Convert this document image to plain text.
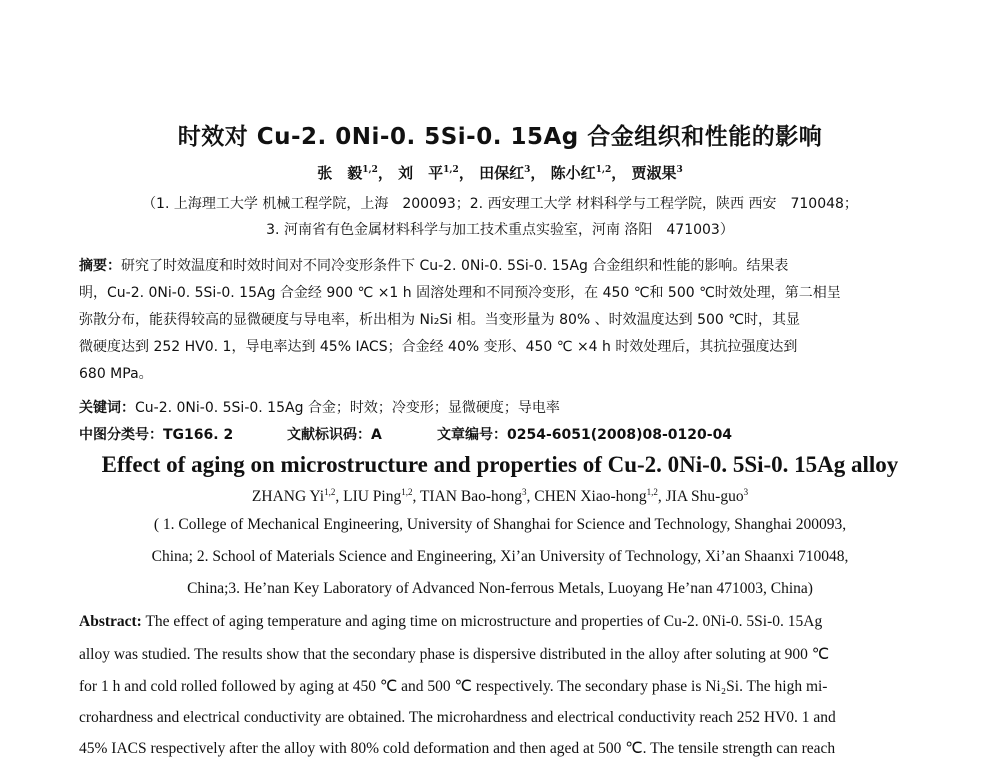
时效对 Cu-2. 0Ni-0. 5Si-0. 15Ag 合金组织和性能的影响
张　毅$^{1,2}$， 刘　平$^{1,2}$， 田保红$^3$， 陈小红$^{1,2}$， 贾淑果$^3$
（1. 上海理工大学 机械工程学院，上海　200093；2. 西安理工大学 材料科学与工程学院，陕西 西安　710048；
3. 河南省有色金属材料科学与加工技术重点实验室，河南 洛阳　471003）
摘要：研究了时效温度和时效时间对不同冷变形条件下 Cu-2. 0Ni-0. 5Si-0. 15Ag 合金组织和性能的影响。结果表
明，Cu-2. 0Ni-0. 5Si-0. 15Ag 合金经 900 ℃ ×1 h 固溶处理和不同预冷变形，在 450 ℃和 500 ℃时效处理，第二相呈
弥散分布，能获得较高的显微硬度与导电率，析出相为 Ni₂Si 相。当变形量为 80% 、时效温度达到 500 ℃时，其显
微硬度达到 252 HV0. 1，导电率达到 45% IACS；合金经 40% 变形、450 ℃ ×4 h 时效处理后，其抗拉强度达到
680 MPa。
关键词：Cu-2. 0Ni-0. 5Si-0. 15Ag 合金；时效；冷变形；显微硬度；导电率
中图分类号：TG166. 2	文献标识码：A	文章编号：0254-6051(2008)08-0120-04
Effect of aging on microstructure and properties of Cu-2. 0Ni-0. 5Si-0. 15Ag alloy
ZHANG Yi$^{1,2}$, LIU Ping$^{1,2}$, TIAN Bao-hong$^3$, CHEN Xiao-hong$^{1,2}$, JIA Shu-guo$^3$
( 1. College of Mechanical Engineering, University of Shanghai for Science and Technology, Shanghai 200093,
China; 2. School of Materials Science and Engineering, Xi’an University of Technology, Xi’an Shaanxi 710048,
China;3. He’nan Key Laboratory of Advanced Non-ferrous Metals, Luoyang He’nan 471003, China)
Abstract: The effect of aging temperature and aging time on microstructure and properties of Cu-2. 0Ni-0. 5Si-0. 15Ag
alloy was studied. The results show that the secondary phase is dispersive distributed in the alloy after soluting at 900 ℃
for 1 h and cold rolled followed by aging at 450 ℃ and 500 ℃ respectively. The secondary phase is Ni₂Si. The high mi-
crohardness and electrical conductivity are obtained. The microhardness and electrical conductivity reach 252 HV0. 1 and
45% IACS respectively after the alloy with 80% cold deformation and then aged at 500 ℃. The tensile strength can reach
